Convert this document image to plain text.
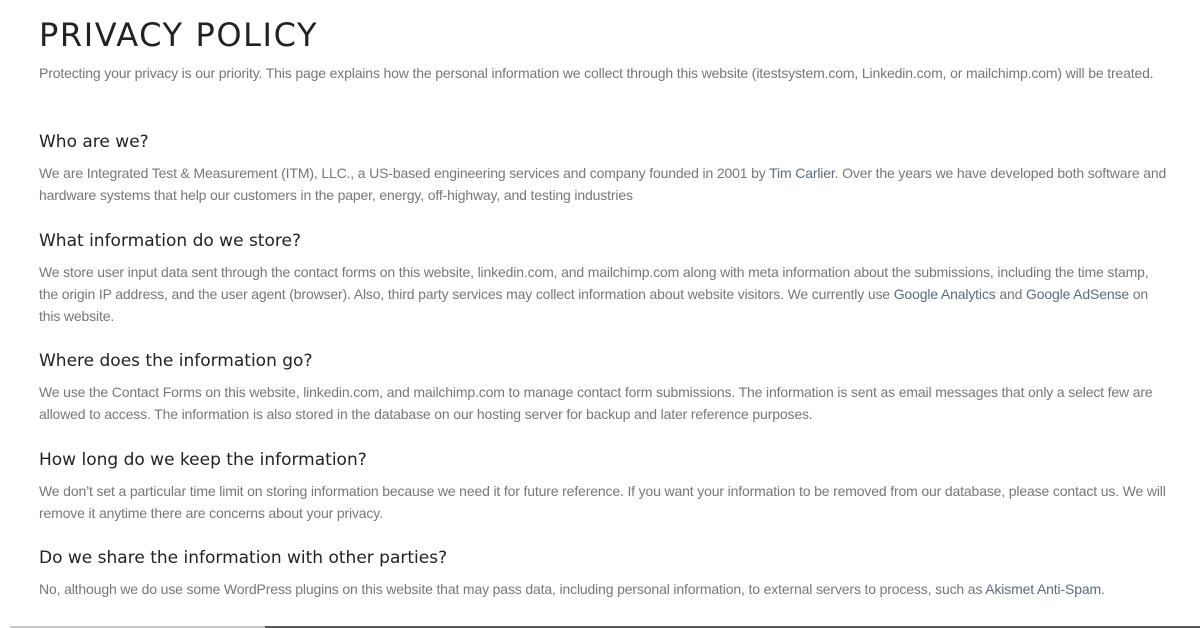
PRIVACY POLICY

Protecting your privacy is our priority. This page explains how the personal information we collect through this website (itestsystem.com, Linkedin.com, or mailchimp.com) will be treated.

Who are we?

We are Integrated Test & Measurement (ITM), LLC., a US-based engineering services and company founded in 2001 by Tim Carlier. Over the years we have developed both software and hardware systems that help our customers in the paper, energy, off-highway, and testing industries

What information do we store?

We store user input data sent through the contact forms on this website, linkedin.com, and mailchimp.com along with meta information about the submissions, including the time stamp, the origin IP address, and the user agent (browser). Also, third party services may collect information about website visitors. We currently use Google Analytics and Google AdSense on this website.

Where does the information go?

We use the Contact Forms on this website, linkedin.com, and mailchimp.com to manage contact form submissions. The information is sent as email messages that only a select few are allowed to access. The information is also stored in the database on our hosting server for backup and later reference purposes.

How long do we keep the information?

We don’t set a particular time limit on storing information because we need it for future reference. If you want your information to be removed from our database, please contact us. We will remove it anytime there are concerns about your privacy.

Do we share the information with other parties?

No, although we do use some WordPress plugins on this website that may pass data, including personal information, to external servers to process, such as Akismet Anti-Spam.
